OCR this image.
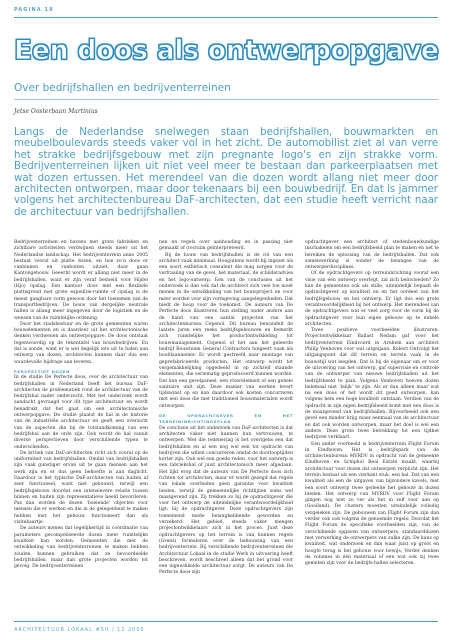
PAGINA 18
Een doos als ontwerpopgave
Over bedrijfshallen en bedrijventerreinen
Jetse Oosterbaan Martinius

Langs de Nederlandse snelwegen staan bedrijfshallen, bouwmarkten en meubelboulevards steeds vaker vol in het zicht. De automobilist ziet al van verre het strakke bedrijfsgebouw met zijn pregnante logo's en zijn strakke vorm. Bedrijventerreinen lijken uit niet veel meer te bestaan dan parkeerplaatsen met wat dozen ertussen. Het merendeel van die dozen wordt allang niet meer door architecten ontworpen, maar door tekenaars bij een bouwbedrijf. En dat is jammer volgens het architectenbureau DaF-architecten, dat een studie heeft verricht naar de architectuur van bedrijfshallen.

Bedrijventerreinen en havens met grote fabrieken en zichtbare activiteiten verdwijnen steeds meer uit het Nederlandse landschap. Het bedrijventerrein anno 2005 bestaat vooral uit platte dozen, en hoe zo’n doos er vanbinnen en vanbuiten uitziet, daar gaan Kantongebouw. Geeerbt wordt er allang niet meer in de bedrijfshallen, want er zijn veraf bedoeld voor Hijdel (Hjo) opslag. Een kantoor doos met een flexibele plattegrond met grote expeditie-ruimte of opslag is de meest gangbare vorm gewoon door het toenemen van de transportbedrijven. De bouw van dergelijke neutrale hallen is allang meer ingegeven door de logistiek en de wensen van de ruimtelijke ordening.

Door het stadsbestuur en de grote gemeenten waren bouwelementen en is daardoor uit het architectonische denken verdwenen als ontwerpopgave. De doos ontstaat tegenwoordig op de tekentafel van bouwbedrijven. En dat is zonde, want er is wel degelijk iets uit te halen aan ontwerp van dozen, architecten kunnen daar dus een waardevolle bijdrage aan leveren.

PERSPECTIEF DOZEN

In de studie De Perfecte doos, over de architectuur van bedrijfshallen in Nederland heeft het bureau DaF-architecten de problematiek rond de architectuur van de bedrijfshal nader onderzocht. Met het onderzoek wordt aandacht gevraagd voor dit type architectuur en wordt benadrukt dat het gaat om een architectonische ontwerpopgave. De studie plaatst de hal in de historie van de industriële architectuur en geeft een overzicht van de aspecten die bij de totstandkoming van een bedrijfshal aan de orde zijn. Ook wordt de hal vanuit diverse perspectieven door verschillende typen te onderscheiden.

De kritiek van DaF-architecten richt zich vooral op de uniformiteit van bedrijfshallen. Omdat van bedrijfshallen zijn vaak gunstiger ervan uit te gaan mensen aan het werk zijn en er dus geen behoefte is aan daglicht. Daardoor is het typische DaF-architecten van buiten af zeer functioneel, want niet gebouwd, terwijl een bedrijfsgebouw doordat een intensievere relatie tussen binnen en buiten zijn representatieve beeld bevorderen. Pas dan worden de dozen ‘boeiende’ objecten voor mensen die er werken en die in de gelegenheid te maken hebben met het gebouw functioneert dan als visitekaartje.

De auteurs menen dat tegelijkertijd in coördinatie van parameters gecompenseerde dozen meer ruimtelijke kwaliteit kan worden. Gemeenten die met de ontwikkeling van bedrijventerreinen te maken hebben zouden kunnen gebruiken dat ze bevoordeelde bedrijfshallen, maar dan grote projecten worden tot gevolg. De bedrijventerreinen

nen en regels over aanhouding en in passing niet gemaakt of (re)ruim geïnterpreteerd.

Bij de bouw van bedrijfshallen is de rol van een architect vaak minimaal. Hooguitens wordt hij ingezet als een soort esthetisch consulent die mag zorgen voor de verfraaiing van de gevel, het materiaal, de schilderadvies en het logo-ontwerp. Een van de conclusies uit het onderzoek is dan ook dat de architect zich veel toe moet menen in de ontwikkeling van het bouwproject en voor meer worden voor zijn vormgeving aangelegenheden. Dat biedt de hoop voor de toekomst. De auteurs van De Perfecte doos illustreren hun stelling onder andere aan de hand van een aantal projecten van het architectenbureau Cepenol. Dit bureau bewandelt de laatste jaren een reeks bedrijfsgebouwen en bemerkt zich ruimtelijke het productontwikkeling tot bouwmanagement. Cepenol of het aan het geleerde bedrijf Bouwteam General Contractors fungeert vaak als hoofdaannemer. Er wordt gestreefd naar montage van geprefabriceerde producten. Het ontwerp wordt tot vergemakkelijking opgedeeld in op zichzelf staande elementen, die seriematig geproduceerd kunnen worden. Dat kan een gevelpaneel, een vloerelement of een gehele sanitaire unit zijn. Deze manier van werken levert tijdswinst op en kan daardoor ook kosten concurreren met een doos die met traditioneel bouwmaterialen wordt ontworpen.

DE OPDRACHTGEVER EN HET TERREININRICHTINGSPLAN

De conclusie uit het onderzoek van DaF-architecten is dat architecten vaker niet kunnen hun vertrouwen, te ontwerpen. Met die redenering is het overigens een dat bedrijfshallen en al een nog wel een tot opdracht van bedrijven die willen concurreren omdat de doorlooptijden korter zijn. Ook wel een goede reden, voor het ontwerp is een fabriekshal of juist architectonisch meer afgedaan. Het lijkt erop dat de auteurs van De Perfecte doos zich richten tot architecten, maar er wordt gezegd dat regels van lokale overheden geen garantie voor kwaliteit bieden, terwijl de gemeentelijke richtlijnen soms wel maatgevend zijn. Zij trekken zo bij de opdrachtgever die voor het ontwerp de uiteindelijke verantwoordelijkheid ligt: bij de opdrachtgever. Deze opdrachtgevers zijn toenemend mede belanghebbende geworden en verzekerd. Het gebied, steeds vaker mengen projectontwikkelaars zich in het proces. Juist deze opdrachtgevers op het terrein is van kunnen regels (Grens) formuleren over de behouwing van een bedrijventerrein. Bij verschillende bedrijventerreinen die Architectuur Lokaal in de studie Werk in uitvoering heeft beschreven, wordt beschreef alleen dat het grond voor een ingewikkelde architectuur zorgt. De auteurs van De Perfecte doos zijn

opdrachtgever een architect of stedenbouwkundige inschakelen om een bedrijfsbeeld plan te maken en net te bereiken de oplossing van de bedrijfshallen. Dat ook samenwerking is sonder de belangen van de ontwerperdisciplines.

Of de opdrachtgevers op terreininrichting vooraf een visie van een ontwerp overlegt, zal zich beïnvloeden? Zo kan de gemeenten ook als stille, uiteindelijk bepaalt de opdrachtgever op kwaliteit en en het oordeel van het bedrijfsgebouw en het ontwerp. Er ligt dus een grote verantwoordelijkheid bij het ontwerp. Het merendeel van de opdrachtgevers wat er veel zorg voor de vorm bij de opdrachtgever voor hun eigen gebouw op te enkele architecten.

Twee positieve voorbeelden illustreren. Projectontwikkelaar Ballast Nedam gaf voor het bedrijventerrein Eindvoord in Arnhem aan architect Philip Venhoven voor wat uitgegaan. Robert Ontvolgt het uitgangspunt dat dit terrein en terrein vaak in de bouwstijl wat leegden. Dat is bij de eigenaar om er voor de uitvoering van het ontwerp, gaf supervisie en controle van de ontwerper van nieuwe bedrijfshallen uit het bedrijfsbeeld te plan. Volgens Venhoven hoeven dozen helemaal niet ‘lelijk’ te zijn. Als er dan alleen maar wat na een doos of het wordt dit goed ontworpen, kan volgens hem een hoge kwaliteit ontstaan. Verdien van de opdracht in zijn eigen bedrijfsbeeld komt met een doos is de maatgevend van bedrijfshallen. Bijvoorbeeld ook een gevel een minder krijg maar eenmaal van de architectuur en dat ook worden ontworpen, maar het doel is wel een andere. Deze grote twee betrekking tot een tijdhet bedrijven verklaart.

Een ander voorbeeld is bedrijventerrein Flight Forum in Eindhoven. Het is bedrijfspark van de architectenbureau MVRDV in opdracht van de gemeente Eindhoven en Schiphol Real Estate maakt, waarbij architectuur voor dozen dat ontwerpen verplicht zijn. Het terrein bestaat uit een vierkant stuk, een hal. Dat van een kwaliteit als een de uitgaven van bijzondere kavels, met een soort ontwerp twee gedeelte het gebouw in dozen bieden. Het ontwerp van MVRDV voor Flight Forum gingen nog niet zo ver als het in zelf voor aan op (Gooiland). De clusters moesten uiteindelijk volledig vergeleken zijn. De gebouwen van Flight Forum zijn dan verder ook ook volgens de genoemde regels: Doordat het Flight Forum de specifieke voorbeelden zijn, van de verschillende opgaven van ontwerpers, standaarddozen met verwerking de ontwerpers van zulke zijn. De kans op kwaliteit, wat onderzoek en dan waar juist op groot en hoogte terug is het gebouw voor bewijs; Verder denken de volumes in één materiaal of een wat ook zij twee gemeten zijn voor de bedrijfs-hallen selecteren.

ARCHITECTUUR LOKAAL #50 / 12 2005
